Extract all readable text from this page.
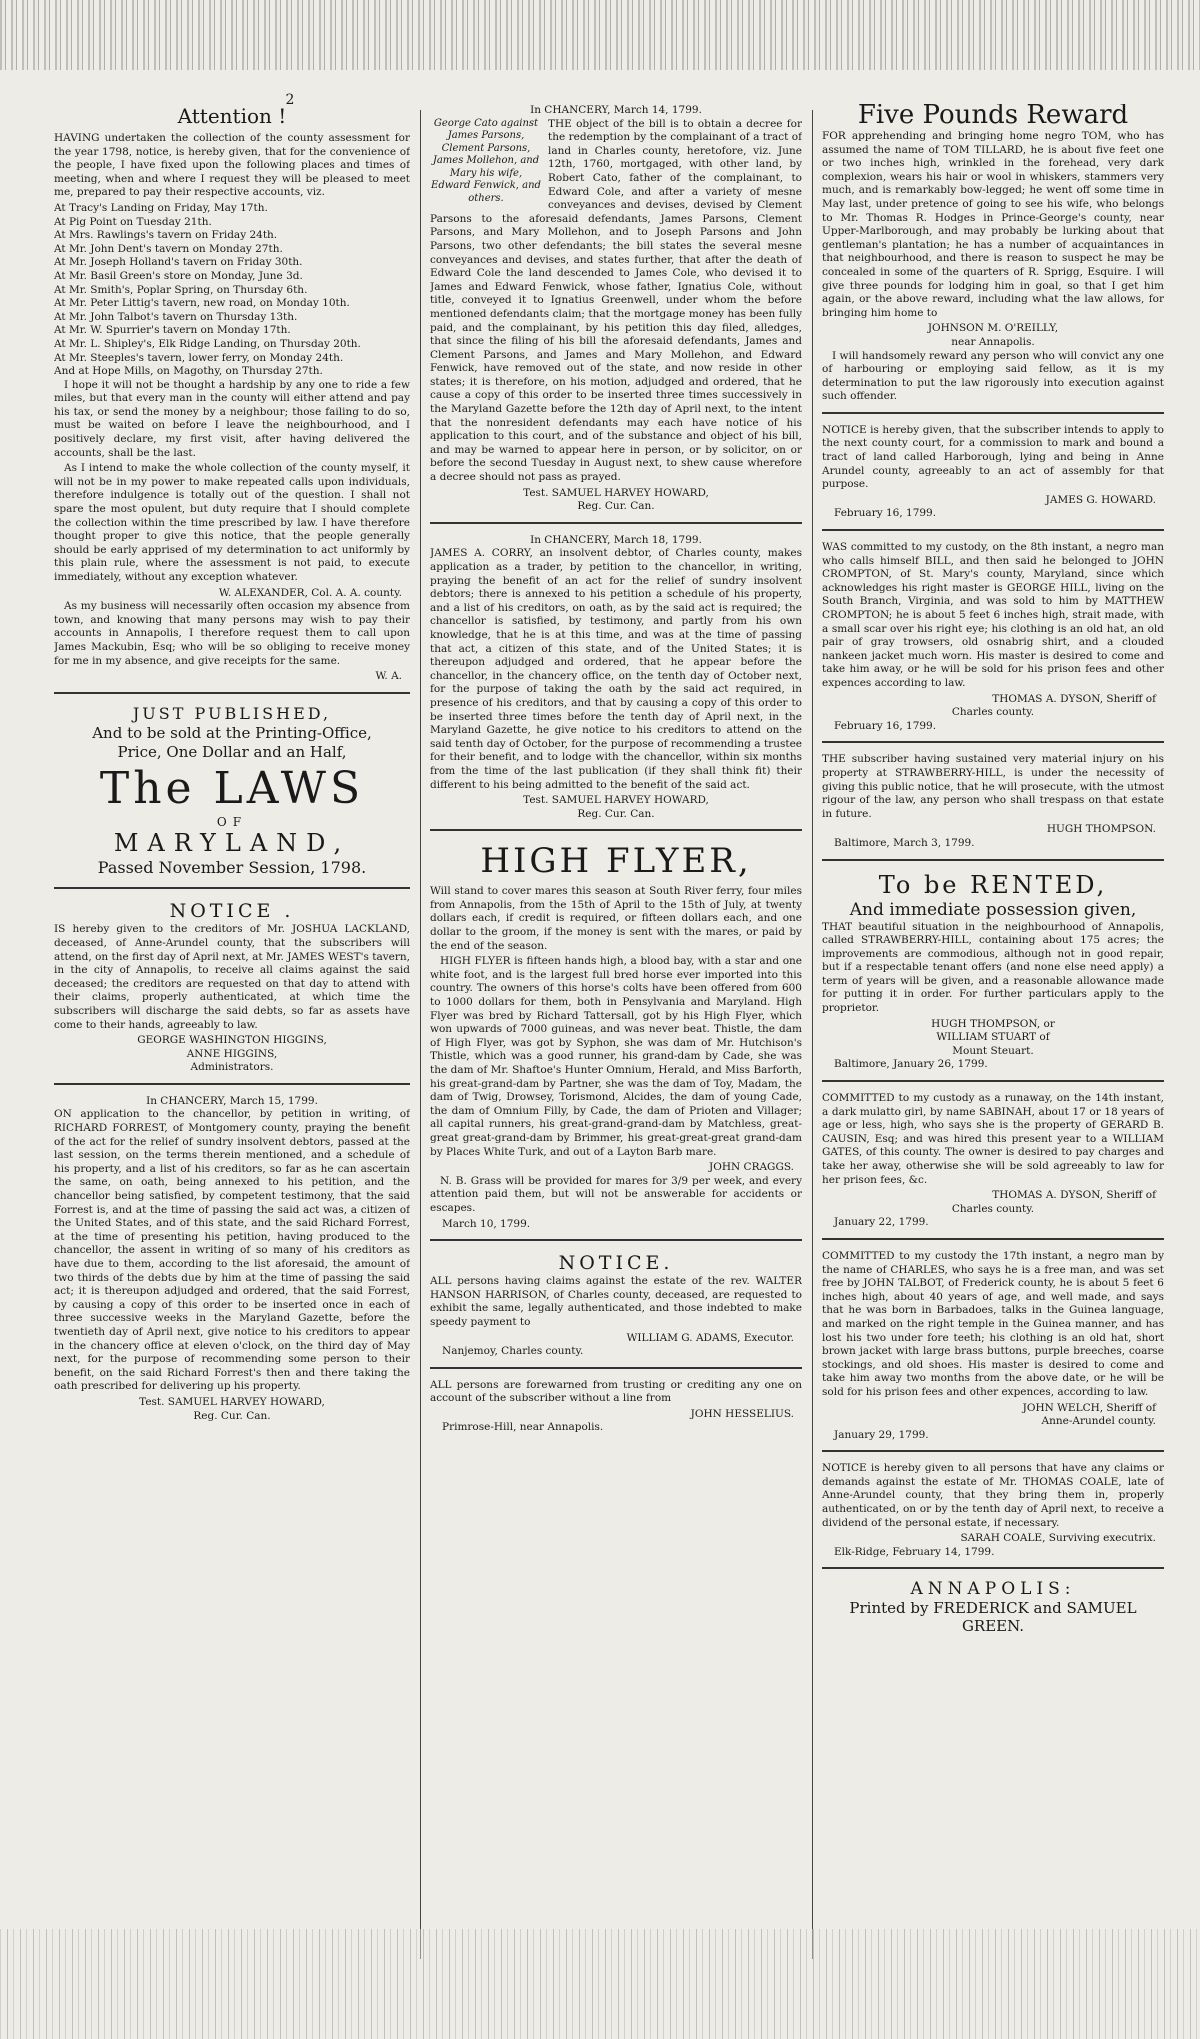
2
Attention !

HAVING undertaken the collection of the county assessment for the year 1798, notice, is hereby given, that for the convenience of the people, I have fixed upon the following places and times of meeting, when and where I request they will be pleased to meet me, prepared to pay their respective accounts, viz.

At Tracy's Landing on Friday, May 17th.

At Pig Point on Tuesday 21th.

At Mrs. Rawlings's tavern on Friday 24th.

At Mr. John Dent's tavern on Monday 27th.

At Mr. Joseph Holland's tavern on Friday 30th.

At Mr. Basil Green's store on Monday, June 3d.

At Mr. Smith's, Poplar Spring, on Thursday 6th.

At Mr. Peter Littig's tavern, new road, on Monday 10th.

At Mr. John Talbot's tavern on Thursday 13th.

At Mr. W. Spurrier's tavern on Monday 17th.

At Mr. L. Shipley's, Elk Ridge Landing, on Thursday 20th.

At Mr. Steeples's tavern, lower ferry, on Monday 24th.

And at Hope Mills, on Magothy, on Thursday 27th.

I hope it will not be thought a hardship by any one to ride a few miles, but that every man in the county will either attend and pay his tax, or send the money by a neighbour; those failing to do so, must be waited on before I leave the neighbourhood, and I positively declare, my first visit, after having delivered the accounts, shall be the last.

As I intend to make the whole collection of the county myself, it will not be in my power to make repeated calls upon individuals, therefore indulgence is totally out of the question. I shall not spare the most opulent, but duty require that I should complete the collection within the time prescribed by law. I have therefore thought proper to give this notice, that the people generally should be early apprised of my determination to act uniformly by this plain rule, where the assessment is not paid, to execute immediately, without any exception whatever.

W. ALEXANDER, Col. A. A. county.

As my business will necessarily often occasion my absence from town, and knowing that many persons may wish to pay their accounts in Annapolis, I therefore request them to call upon James Mackubin, Esq; who will be so obliging to receive money for me in my absence, and give receipts for the same.

W. A.
JUST PUBLISHED,
And to be sold at the Printing-Office,
Price, One Dollar and an Half,
The LAWS
OF
MARYLAND,
Passed November Session, 1798.
NOTICE .

IS hereby given to the creditors of Mr. JOSHUA LACKLAND, deceased, of Anne-Arundel county, that the subscribers will attend, on the first day of April next, at Mr. JAMES WEST's tavern, in the city of Annapolis, to receive all claims against the said deceased; the creditors are requested on that day to attend with their claims, properly authenticated, at which time the subscribers will discharge the said debts, so far as assets have come to their hands, agreeably to law.

GEORGE WASHINGTON HIGGINS,
ANNE HIGGINS,
Administrators.
In CHANCERY, March 15, 1799.

ON application to the chancellor, by petition in writing, of RICHARD FORREST, of Montgomery county, praying the benefit of the act for the relief of sundry insolvent debtors, passed at the last session, on the terms therein mentioned, and a schedule of his property, and a list of his creditors, so far as he can ascertain the same, on oath, being annexed to his petition, and the chancellor being satisfied, by competent testimony, that the said Forrest is, and at the time of passing the said act was, a citizen of the United States, and of this state, and the said Richard Forrest, at the time of presenting his petition, having produced to the chancellor, the assent in writing of so many of his creditors as have due to them, according to the list aforesaid, the amount of two thirds of the debts due by him at the time of passing the said act; it is thereupon adjudged and ordered, that the said Forrest, by causing a copy of this order to be inserted once in each of three successive weeks in the Maryland Gazette, before the twentieth day of April next, give notice to his creditors to appear in the chancery office at eleven o'clock, on the third day of May next, for the purpose of recommending some person to their benefit, on the said Richard Forrest's then and there taking the oath prescribed for delivering up his property.

Test. SAMUEL HARVEY HOWARD,
Reg. Cur. Can.
In CHANCERY, March 14, 1799.
George Cato against James Parsons, Clement Parsons, James Mollehon, and Mary his wife, Edward Fenwick, and others.

THE object of the bill is to obtain a decree for the redemption by the complainant of a tract of land in Charles county, heretofore, viz. June 12th, 1760, mortgaged, with other land, by Robert Cato, father of the complainant, to Edward Cole, and after a variety of mesne conveyances and devises, devised by Clement Parsons to the aforesaid defendants, James Parsons, Clement Parsons, and Mary Mollehon, and to Joseph Parsons and John Parsons, two other defendants; the bill states the several mesne conveyances and devises, and states further, that after the death of Edward Cole the land descended to James Cole, who devised it to James and Edward Fenwick, whose father, Ignatius Cole, without title, conveyed it to Ignatius Greenwell, under whom the before mentioned defendants claim; that the mortgage money has been fully paid, and the complainant, by his petition this day filed, alledges, that since the filing of his bill the aforesaid defendants, James and Clement Parsons, and James and Mary Mollehon, and Edward Fenwick, have removed out of the state, and now reside in other states; it is therefore, on his motion, adjudged and ordered, that he cause a copy of this order to be inserted three times successively in the Maryland Gazette before the 12th day of April next, to the intent that the nonresident defendants may each have notice of his application to this court, and of the substance and object of his bill, and may be warned to appear here in person, or by solicitor, on or before the second Tuesday in August next, to shew cause wherefore a decree should not pass as prayed.

Test. SAMUEL HARVEY HOWARD,
Reg. Cur. Can.
In CHANCERY, March 18, 1799.

JAMES A. CORRY, an insolvent debtor, of Charles county, makes application as a trader, by petition to the chancellor, in writing, praying the benefit of an act for the relief of sundry insolvent debtors; there is annexed to his petition a schedule of his property, and a list of his creditors, on oath, as by the said act is required; the chancellor is satisfied, by testimony, and partly from his own knowledge, that he is at this time, and was at the time of passing that act, a citizen of this state, and of the United States; it is thereupon adjudged and ordered, that he appear before the chancellor, in the chancery office, on the tenth day of October next, for the purpose of taking the oath by the said act required, in presence of his creditors, and that by causing a copy of this order to be inserted three times before the tenth day of April next, in the Maryland Gazette, he give notice to his creditors to attend on the said tenth day of October, for the purpose of recommending a trustee for their benefit, and to lodge with the chancellor, within six months from the time of the last publication (if they shall think fit) their different to his being admitted to the benefit of the said act.

Test. SAMUEL HARVEY HOWARD,
Reg. Cur. Can.
HIGH FLYER,

Will stand to cover mares this season at South River ferry, four miles from Annapolis, from the 15th of April to the 15th of July, at twenty dollars each, if credit is required, or fifteen dollars each, and one dollar to the groom, if the money is sent with the mares, or paid by the end of the season.

HIGH FLYER is fifteen hands high, a blood bay, with a star and one white foot, and is the largest full bred horse ever imported into this country. The owners of this horse's colts have been offered from 600 to 1000 dollars for them, both in Pensylvania and Maryland. High Flyer was bred by Richard Tattersall, got by his High Flyer, which won upwards of 7000 guineas, and was never beat. Thistle, the dam of High Flyer, was got by Syphon, she was dam of Mr. Hutchison's Thistle, which was a good runner, his grand-dam by Cade, she was the dam of Mr. Shaftoe's Hunter Omnium, Herald, and Miss Barforth, his great-grand-dam by Partner, she was the dam of Toy, Madam, the dam of Twig, Drowsey, Torismond, Alcides, the dam of young Cade, the dam of Omnium Filly, by Cade, the dam of Prioten and Villager; all capital runners, his great-grand-grand-dam by Matchless, great-great great-grand-dam by Brimmer, his great-great-great grand-dam by Places White Turk, and out of a Layton Barb mare.

JOHN CRAGGS.

N. B. Grass will be provided for mares for 3/9 per week, and every attention paid them, but will not be answerable for accidents or escapes.

March 10, 1799.
NOTICE.

ALL persons having claims against the estate of the rev. WALTER HANSON HARRISON, of Charles county, deceased, are requested to exhibit the same, legally authenticated, and those indebted to make speedy payment to

WILLIAM G. ADAMS, Executor.
Nanjemoy, Charles county.

ALL persons are forewarned from trusting or crediting any one on account of the subscriber without a line from

JOHN HESSELIUS.
Primrose-Hill, near Annapolis.
Five Pounds Reward

FOR apprehending and bringing home negro TOM, who has assumed the name of TOM TILLARD, he is about five feet one or two inches high, wrinkled in the forehead, very dark complexion, wears his hair or wool in whiskers, stammers very much, and is remarkably bow-legged; he went off some time in May last, under pretence of going to see his wife, who belongs to Mr. Thomas R. Hodges in Prince-George's county, near Upper-Marlborough, and may probably be lurking about that gentleman's plantation; he has a number of acquaintances in that neighbourhood, and there is reason to suspect he may be concealed in some of the quarters of R. Sprigg, Esquire. I will give three pounds for lodging him in goal, so that I get him again, or the above reward, including what the law allows, for bringing him home to

JOHNSON M. O'REILLY,
near Annapolis.

I will handsomely reward any person who will convict any one of harbouring or employing said fellow, as it is my determination to put the law rigorously into execution against such offender.

NOTICE is hereby given, that the subscriber intends to apply to the next county court, for a commission to mark and bound a tract of land called Harborough, lying and being in Anne Arundel county, agreeably to an act of assembly for that purpose.

JAMES G. HOWARD.
February 16, 1799.

WAS committed to my custody, on the 8th instant, a negro man who calls himself BILL, and then said he belonged to JOHN CROMPTON, of St. Mary's county, Maryland, since which acknowledges his right master is GEORGE HILL, living on the South Branch, Virginia, and was sold to him by MATTHEW CROMPTON; he is about 5 feet 6 inches high, strait made, with a small scar over his right eye; his clothing is an old hat, an old pair of gray trowsers, old osnabrig shirt, and a clouded nankeen jacket much worn. His master is desired to come and take him away, or he will be sold for his prison fees and other expences according to law.

THOMAS A. DYSON, Sheriff of
Charles county.
February 16, 1799.

THE subscriber having sustained very material injury on his property at STRAWBERRY-HILL, is under the necessity of giving this public notice, that he will prosecute, with the utmost rigour of the law, any person who shall trespass on that estate in future.

HUGH THOMPSON.
Baltimore, March 3, 1799.
To be RENTED,
And immediate possession given,

THAT beautiful situation in the neighbourhood of Annapolis, called STRAWBERRY-HILL, containing about 175 acres; the improvements are commodious, although not in good repair, but if a respectable tenant offers (and none else need apply) a term of years will be given, and a reasonable allowance made for putting it in order. For further particulars apply to the proprietor.

HUGH THOMPSON, or
WILLIAM STUART of
Mount Steuart.
Baltimore, January 26, 1799.

COMMITTED to my custody as a runaway, on the 14th instant, a dark mulatto girl, by name SABINAH, about 17 or 18 years of age or less, high, who says she is the property of GERARD B. CAUSIN, Esq; and was hired this present year to a WILLIAM GATES, of this county. The owner is desired to pay charges and take her away, otherwise she will be sold agreeably to law for her prison fees, &c.

THOMAS A. DYSON, Sheriff of
Charles county.
January 22, 1799.

COMMITTED to my custody the 17th instant, a negro man by the name of CHARLES, who says he is a free man, and was set free by JOHN TALBOT, of Frederick county, he is about 5 feet 6 inches high, about 40 years of age, and well made, and says that he was born in Barbadoes, talks in the Guinea language, and marked on the right temple in the Guinea manner, and has lost his two under fore teeth; his clothing is an old hat, short brown jacket with large brass buttons, purple breeches, coarse stockings, and old shoes. His master is desired to come and take him away two months from the above date, or he will be sold for his prison fees and other expences, according to law.

JOHN WELCH, Sheriff of
Anne-Arundel county.
January 29, 1799.

NOTICE is hereby given to all persons that have any claims or demands against the estate of Mr. THOMAS COALE, late of Anne-Arundel county, that they bring them in, properly authenticated, on or by the tenth day of April next, to receive a dividend of the personal estate, if necessary.

SARAH COALE, Surviving executrix.
Elk-Ridge, February 14, 1799.
ANNAPOLIS:
Printed by FREDERICK and SAMUEL
GREEN.
